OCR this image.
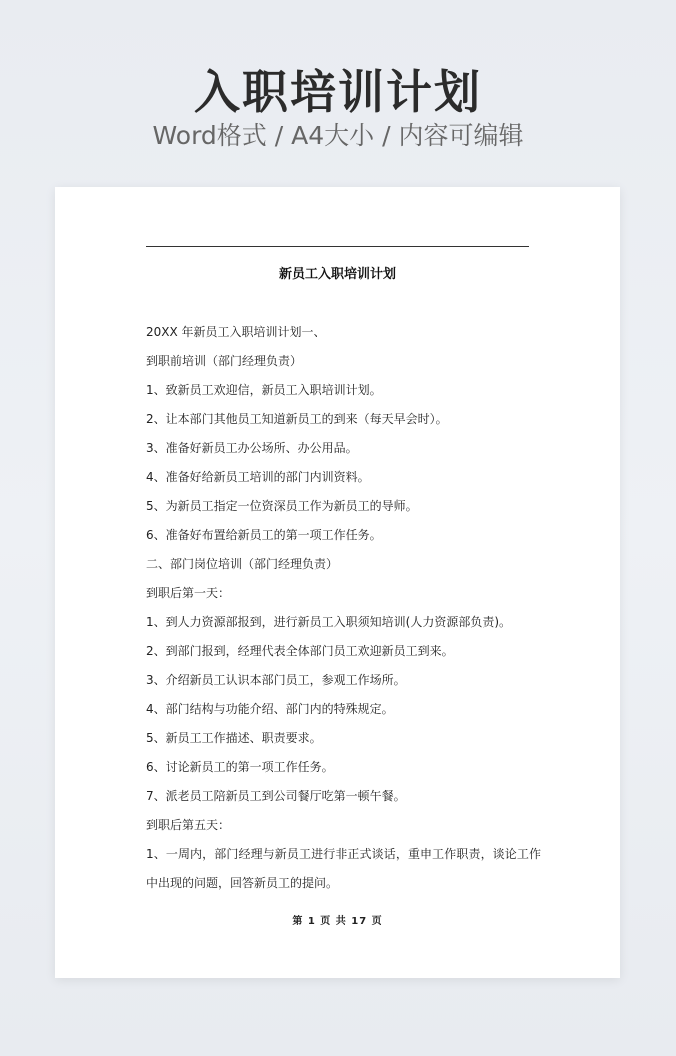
入职培训计划
Word格式 / A4大小 / 内容可编辑
新员工入职培训计划
20XX 年新员工入职培训计划一、
到职前培训（部门经理负责）
1、致新员工欢迎信，新员工入职培训计划。
2、让本部门其他员工知道新员工的到来（每天早会时）。
3、准备好新员工办公场所、办公用品。
4、准备好给新员工培训的部门内训资料。
5、为新员工指定一位资深员工作为新员工的导师。
6、准备好布置给新员工的第一项工作任务。
二、部门岗位培训（部门经理负责）
到职后第一天：
1、到人力资源部报到，进行新员工入职须知培训(人力资源部负责)。
2、到部门报到，经理代表全体部门员工欢迎新员工到来。
3、介绍新员工认识本部门员工，参观工作场所。
4、部门结构与功能介绍、部门内的特殊规定。
5、新员工工作描述、职责要求。
6、讨论新员工的第一项工作任务。
7、派老员工陪新员工到公司餐厅吃第一顿午餐。
到职后第五天：
1、一周内，部门经理与新员工进行非正式谈话，重申工作职责，谈论工作中出现的问题，回答新员工的提问。
第 1 页 共 17 页
